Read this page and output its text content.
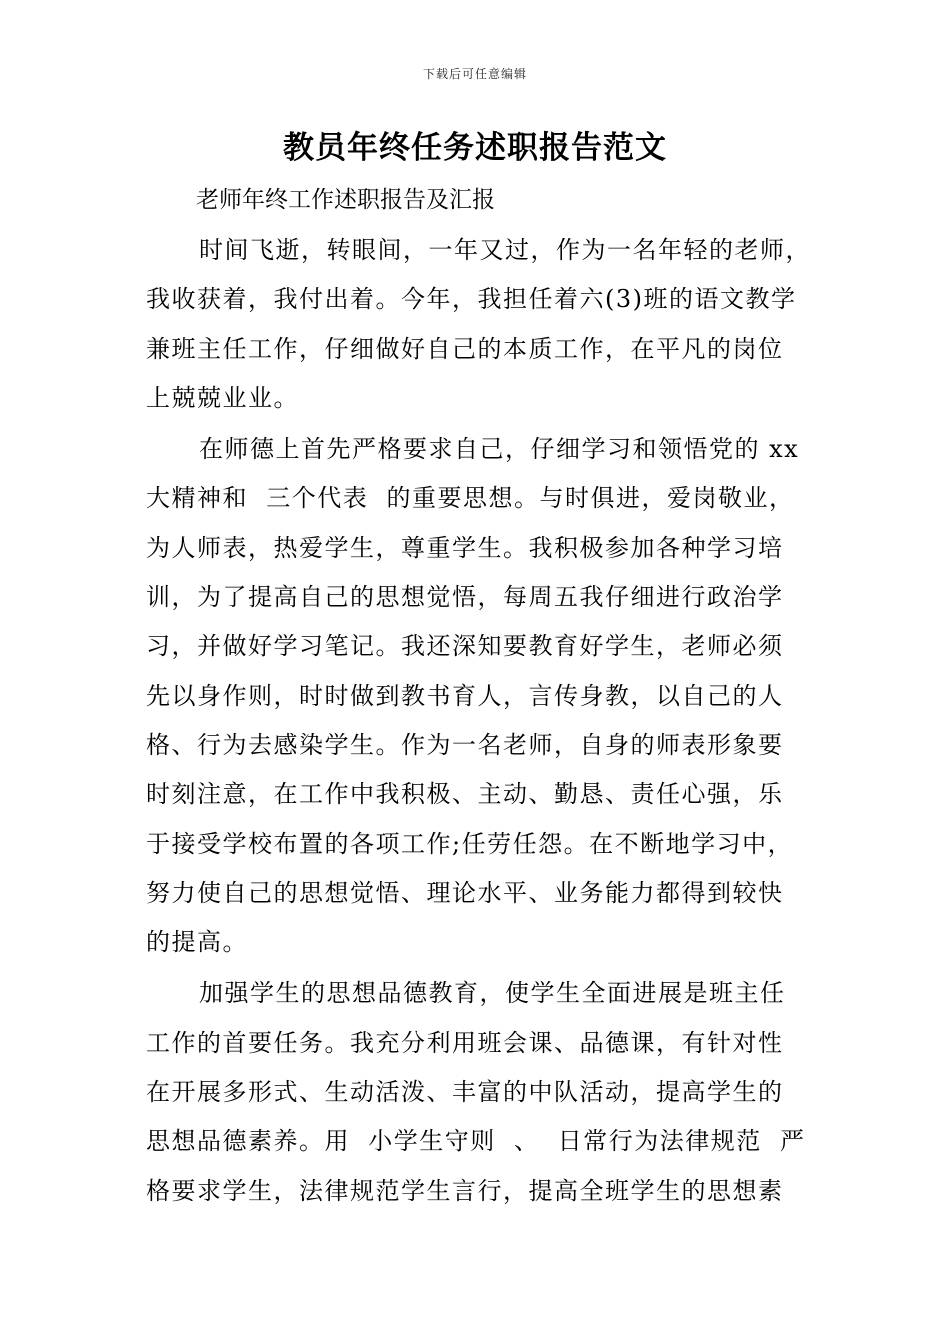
下载后可任意编辑
教员年终任务述职报告范文
老师年终工作述职报告及汇报
时间飞逝，转眼间，一年又过，作为一名年轻的老师，
我收获着，我付出着。今年，我担任着六(3)班的语文教学
兼班主任工作，仔细做好自己的本质工作，在平凡的岗位
上兢兢业业。
在师德上首先严格要求自己，仔细学习和领悟党的 xx
大精神和  三个代表  的重要思想。与时俱进，爱岗敬业，
为人师表，热爱学生，尊重学生。我积极参加各种学习培
训，为了提高自己的思想觉悟，每周五我仔细进行政治学
习，并做好学习笔记。我还深知要教育好学生，老师必须
先以身作则，时时做到教书育人，言传身教，以自己的人
格、行为去感染学生。作为一名老师，自身的师表形象要
时刻注意，在工作中我积极、主动、勤恳、责任心强，乐
于接受学校布置的各项工作;任劳任怨。在不断地学习中，
努力使自己的思想觉悟、理论水平、业务能力都得到较快
的提高。
加强学生的思想品德教育，使学生全面进展是班主任
工作的首要任务。我充分利用班会课、品德课，有针对性
在开展多形式、生动活泼、丰富的中队活动，提高学生的
思想品德素养。用  小学生守则  、  日常行为法律规范  严
格要求学生，法律规范学生言行，提高全班学生的思想素
